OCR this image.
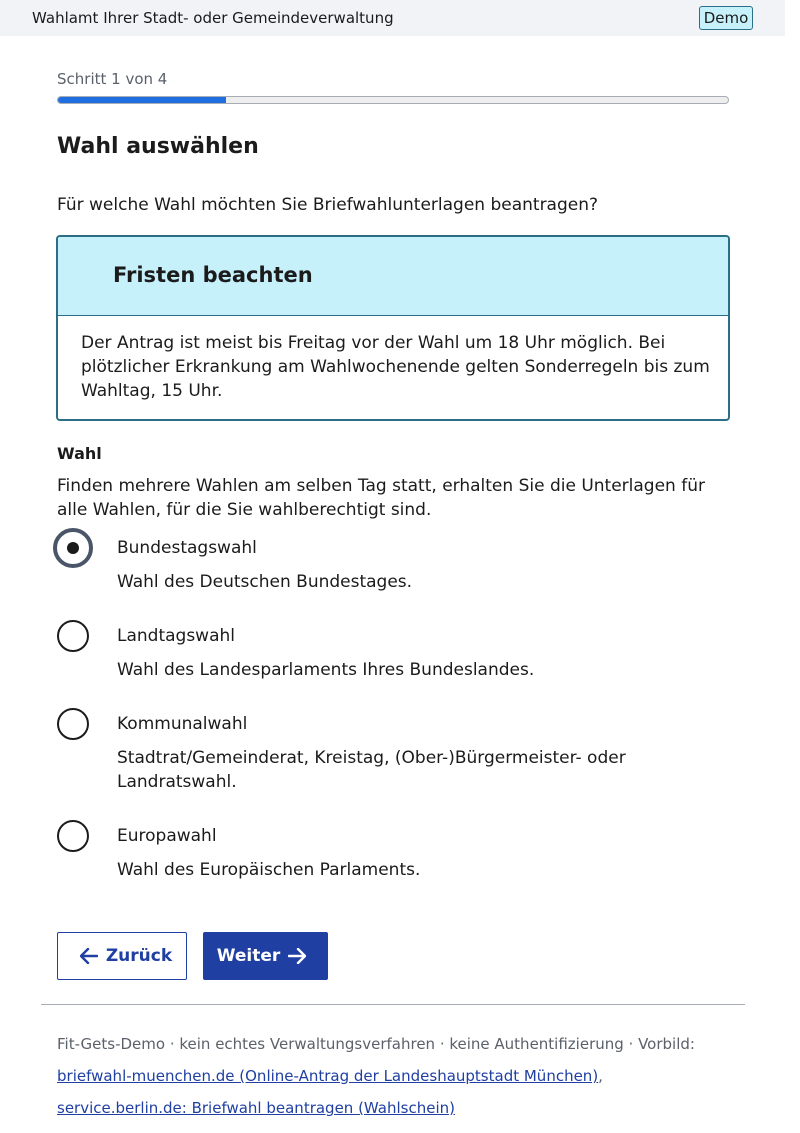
Wahlamt Ihrer Stadt- oder Gemeindeverwaltung	Demo
Schritt 1 von 4
Wahl auswählen

Für welche Wahl möchten Sie Briefwahlunterlagen beantragen?

Fristen beachten

Der Antrag ist meist bis Freitag vor der Wahl um 18 Uhr möglich. Bei plötzlicher Erkrankung am Wahlwochenende gelten Sonderregeln bis zum Wahltag, 15 Uhr.

Wahl

Finden mehrere Wahlen am selben Tag statt, erhalten Sie die Unterlagen für alle Wahlen, für die Sie wahlberechtigt sind.

Bundestagswahl
Wahl des Deutschen Bundestages.
Landtagswahl
Wahl des Landesparlaments Ihres Bundeslandes.
Kommunalwahl
Stadtrat/Gemeinderat, Kreistag, (Ober-)Bürgermeister- oder Landratswahl.
Europawahl
Wahl des Europäischen Parlaments.
Zurück	Weiter
Fit-Gets-Demo · kein echtes Verwaltungsverfahren · keine Authentifizierung · Vorbild:
briefwahl-muenchen.de (Online-Antrag der Landeshauptstadt München),
service.berlin.de: Briefwahl beantragen (Wahlschein)
